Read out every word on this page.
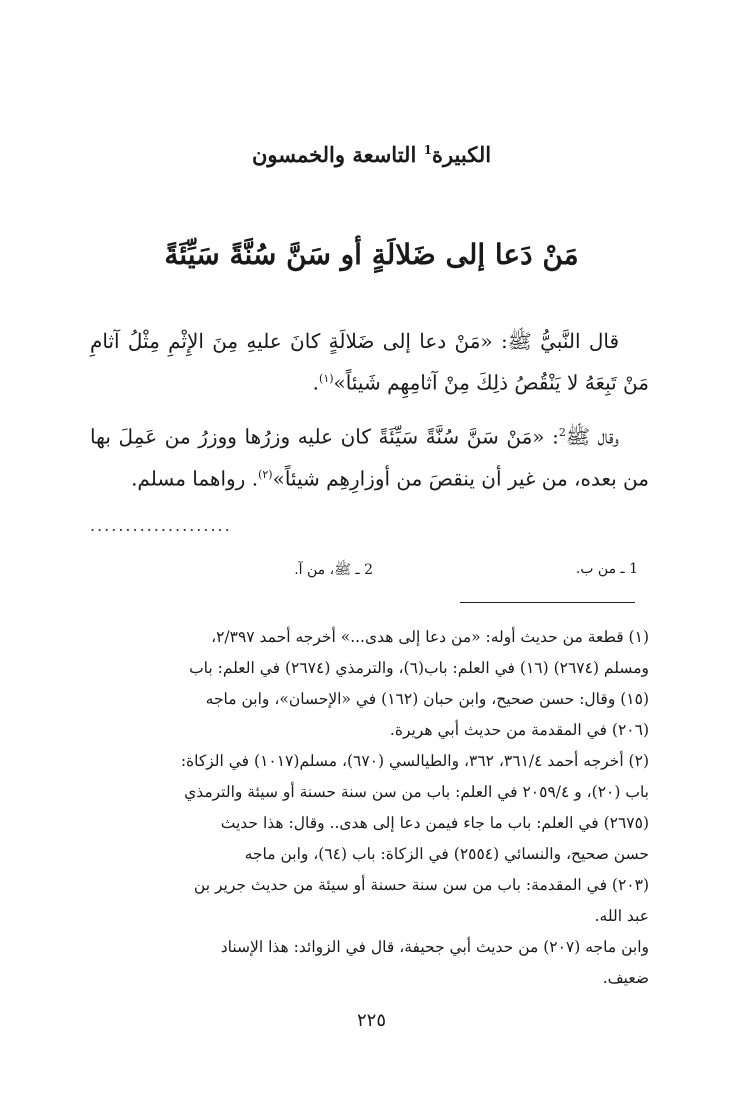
الكبيرة$^1$ التاسعة والخمسون
مَنْ دَعا إلى ضَلالَةٍ أو سَنَّ سُنَّةً سَيِّئَةً
قال النَّبيُّ ﷺ: «مَنْ دعا إلى ضَلالَةٍ كانَ عليهِ مِنَ الإِثْمِ مِثْلُ آثامِ مَنْ تَبِعَهُ لا يَنْقُصُ ذلِكَ مِنْ آثامِهِم شَيئاً»$^{(١)}$.
وقال ﷺ$^2$: «مَنْ سَنَّ سُنَّةً سَيِّئَةً كان عليه وزرُها ووزرُ من عَمِلَ بها من بعده، من غير أن ينقصَ من أوزارِهِم شيئاً»$^{(٢)}$. رواهما مسلم.
....................
1 ـ من ب.
2 ـ ﷺ، من آ.
(١) قطعة من حديث أوله: «من دعا إلى هدى...» أخرجه أحمد ٢/٣٩٧،
ومسلم (٢٦٧٤) (١٦) في العلم: باب(٦)، والترمذي (٢٦٧٤) في العلم: باب
(١٥) وقال: حسن صحيح، وابن حبان (١٦٢) في «الإحسان»، وابن ماجه
(٢٠٦) في المقدمة من حديث أبي هريرة.
(٢) أخرجه أحمد ٣٦١/٤، ٣٦٢، والطيالسي (٦٧٠)، مسلم(١٠١٧) في الزكاة:
باب (٢٠)، و ٢٠٥٩/٤ في العلم: باب من سن سنة حسنة أو سيئة والترمذي
(٢٦٧٥) في العلم: باب ما جاء فيمن دعا إلى هدى.. وقال: هذا حديث
حسن صحيح، والنسائي (٢٥٥٤) في الزكاة: باب (٦٤)، وابن ماجه
(٢٠٣) في المقدمة: باب من سن سنة حسنة أو سيئة من حديث جرير بن
عبد الله.
وابن ماجه (٢٠٧) من حديث أبي جحيفة، قال في الزوائد: هذا الإسناد
ضعيف.
٢٢٥
